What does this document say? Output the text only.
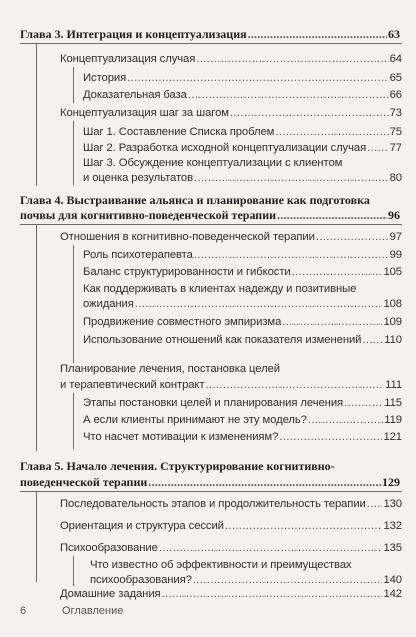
Глава 3. Интеграция и концептуализация . . .	63
Концептуализация случая . . .	64
История . . .	65
Доказательная база . . .	66
Концептуализация шаг за шагом . . .	73
Шаг 1. Составление Списка проблем . . .	75
Шаг 2. Разработка исходной концептуализации случая . . . 77
Шаг 3. Обсуждение концептуализации с клиентом
и оценка результатов . . .	80
Глава 4. Выстраивание альянса и планирование как подготовка
почвы для когнитивно-поведенческой терапии . . .	96
Отношения в когнитивно-поведенческой терапии . . .	97
Роль психотерапевта . . .	99
Баланс структурированности и гибкости . . .	105
Как поддерживать в клиентах надежду и позитивные
ожидания . . .	108
Продвижение совместного эмпиризма . . .	109
Использование отношений как показателя изменений . . . 110
Планирование лечения, постановка целей
и терапевтический контракт . . .	111
Этапы постановки целей и планирования лечения . . .	115
А если клиенты принимают не эту модель? . . .	119
Что насчет мотивации к изменениям? . . .	121
Глава 5. Начало лечения. Структурирование когнитивно-
поведенческой терапии . . .	129
Последовательность этапов и продолжительность терапии . . . 130
Ориентация и структура сессий . . .	132
Психообразование . . .	135
Что известно об эффективности и преимуществах
психообразования? . . .	140
Домашние задания . . .	142
6	Оглавление
